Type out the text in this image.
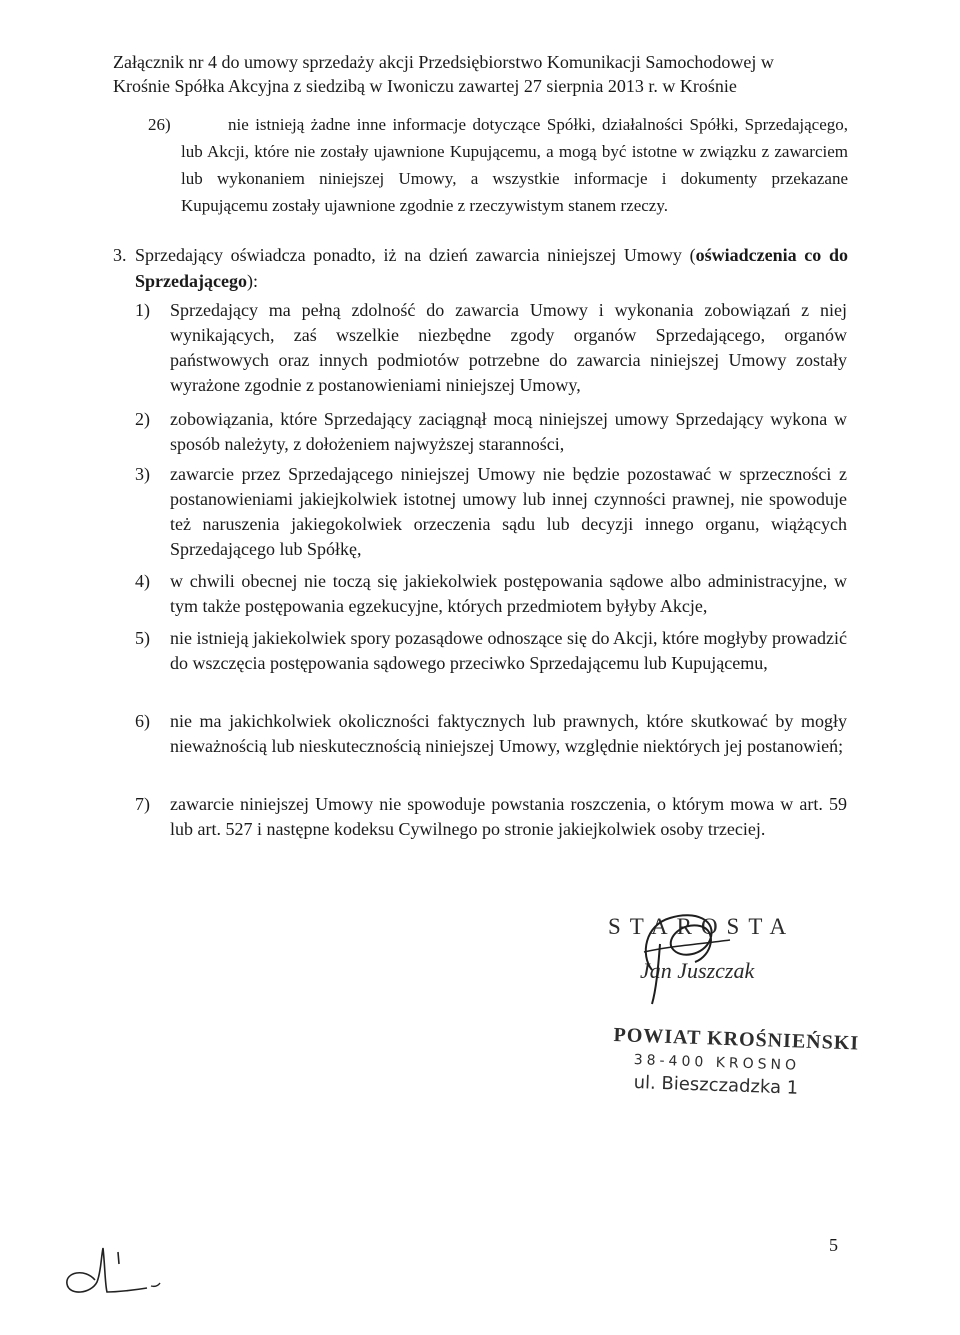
Załącznik nr 4 do umowy sprzedaży akcji Przedsiębiorstwo Komunikacji Samochodowej w
Krośnie Spółka Akcyjna z siedzibą w Iwoniczu zawartej 27 sierpnia 2013 r. w Krośnie
26)	nie istnieją żadne inne informacje dotyczące Spółki, działalności Spółki, Sprzedającego, lub Akcji, które nie zostały ujawnione Kupującemu, a mogą być istotne w związku z zawarciem lub wykonaniem niniejszej Umowy, a wszystkie informacje i dokumenty przekazane Kupującemu zostały ujawnione zgodnie z rzeczywistym stanem rzeczy.
3. Sprzedający oświadcza ponadto, iż na dzień zawarcia niniejszej Umowy (oświadczenia co do Sprzedającego):
1) Sprzedający ma pełną zdolność do zawarcia Umowy i wykonania zobowiązań z niej wynikających, zaś wszelkie niezbędne zgody organów Sprzedającego, organów państwowych oraz innych podmiotów potrzebne do zawarcia niniejszej Umowy zostały wyrażone zgodnie z postanowieniami niniejszej Umowy,
2) zobowiązania, które Sprzedający zaciągnął mocą niniejszej umowy Sprzedający wykona w sposób należyty, z dołożeniem najwyższej staranności,
3) zawarcie przez Sprzedającego niniejszej Umowy nie będzie pozostawać w sprzeczności z postanowieniami jakiejkolwiek istotnej umowy lub innej czynności prawnej, nie spowoduje też naruszenia jakiegokolwiek orzeczenia sądu lub decyzji innego organu, wiążących Sprzedającego lub Spółkę,
4) w chwili obecnej nie toczą się jakiekolwiek postępowania sądowe albo administracyjne, w tym także postępowania egzekucyjne, których przedmiotem byłyby Akcje,
5) nie istnieją jakiekolwiek spory pozasądowe odnoszące się do Akcji, które mogłyby prowadzić do wszczęcia postępowania sądowego przeciwko Sprzedającemu lub Kupującemu,
6) nie ma jakichkolwiek okoliczności faktycznych lub prawnych, które skutkować by mogły nieważnością lub nieskutecznością niniejszej Umowy, względnie niektórych jej postanowień;
7) zawarcie niniejszej Umowy nie spowoduje powstania roszczenia, o którym mowa w art. 59 lub art. 527 i następne kodeksu Cywilnego po stronie jakiejkolwiek osoby trzeciej.
STAROSTA
Jan Juszczak
POWIAT KROŚNIEŃSKI
38-400 KROSNO
ul. Bieszczadzka 1
5
